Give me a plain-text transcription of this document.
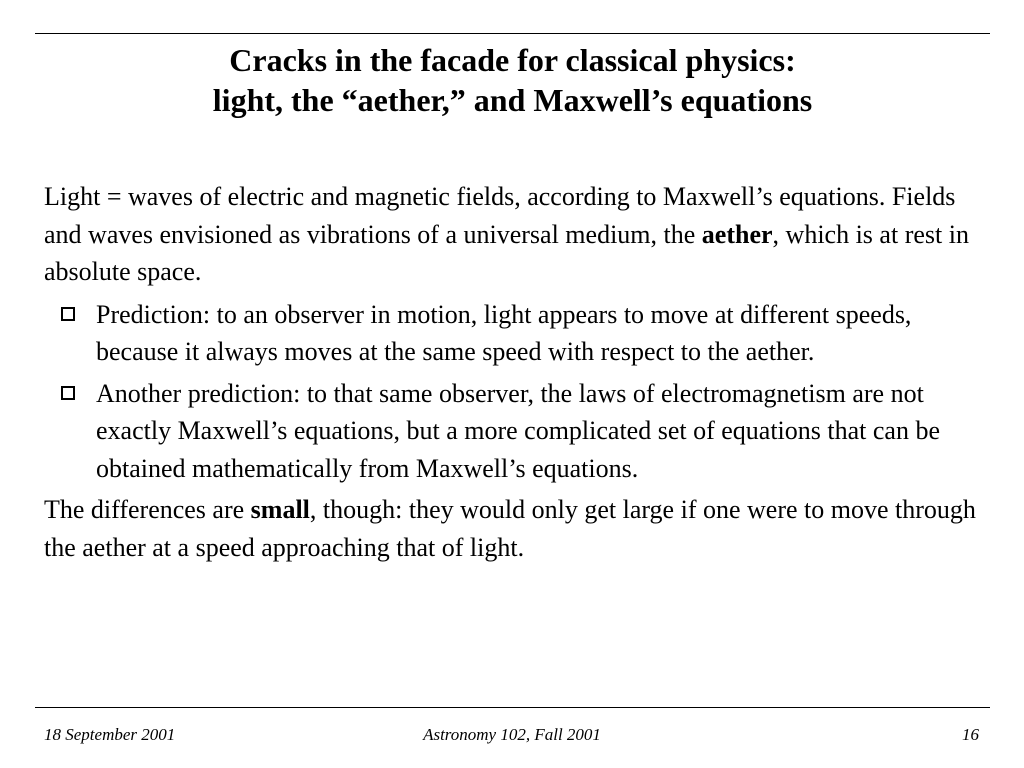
Cracks in the facade for classical physics:
light, the “aether,” and Maxwell’s equations

Light = waves of electric and magnetic fields, according to Maxwell’s equations. Fields and waves envisioned as vibrations of a universal medium, the aether, which is at rest in absolute space.

Prediction: to an observer in motion, light appears to move at different speeds, because it always moves at the same speed with respect to the aether.
Another prediction: to that same observer, the laws of electromagnetism are not exactly Maxwell’s equations, but a more complicated set of equations that can be obtained mathematically from Maxwell’s equations.

The differences are small, though: they would only get large if one were to move through the aether at a speed approaching that of light.

18 September 2001	Astronomy 102, Fall 2001	16
